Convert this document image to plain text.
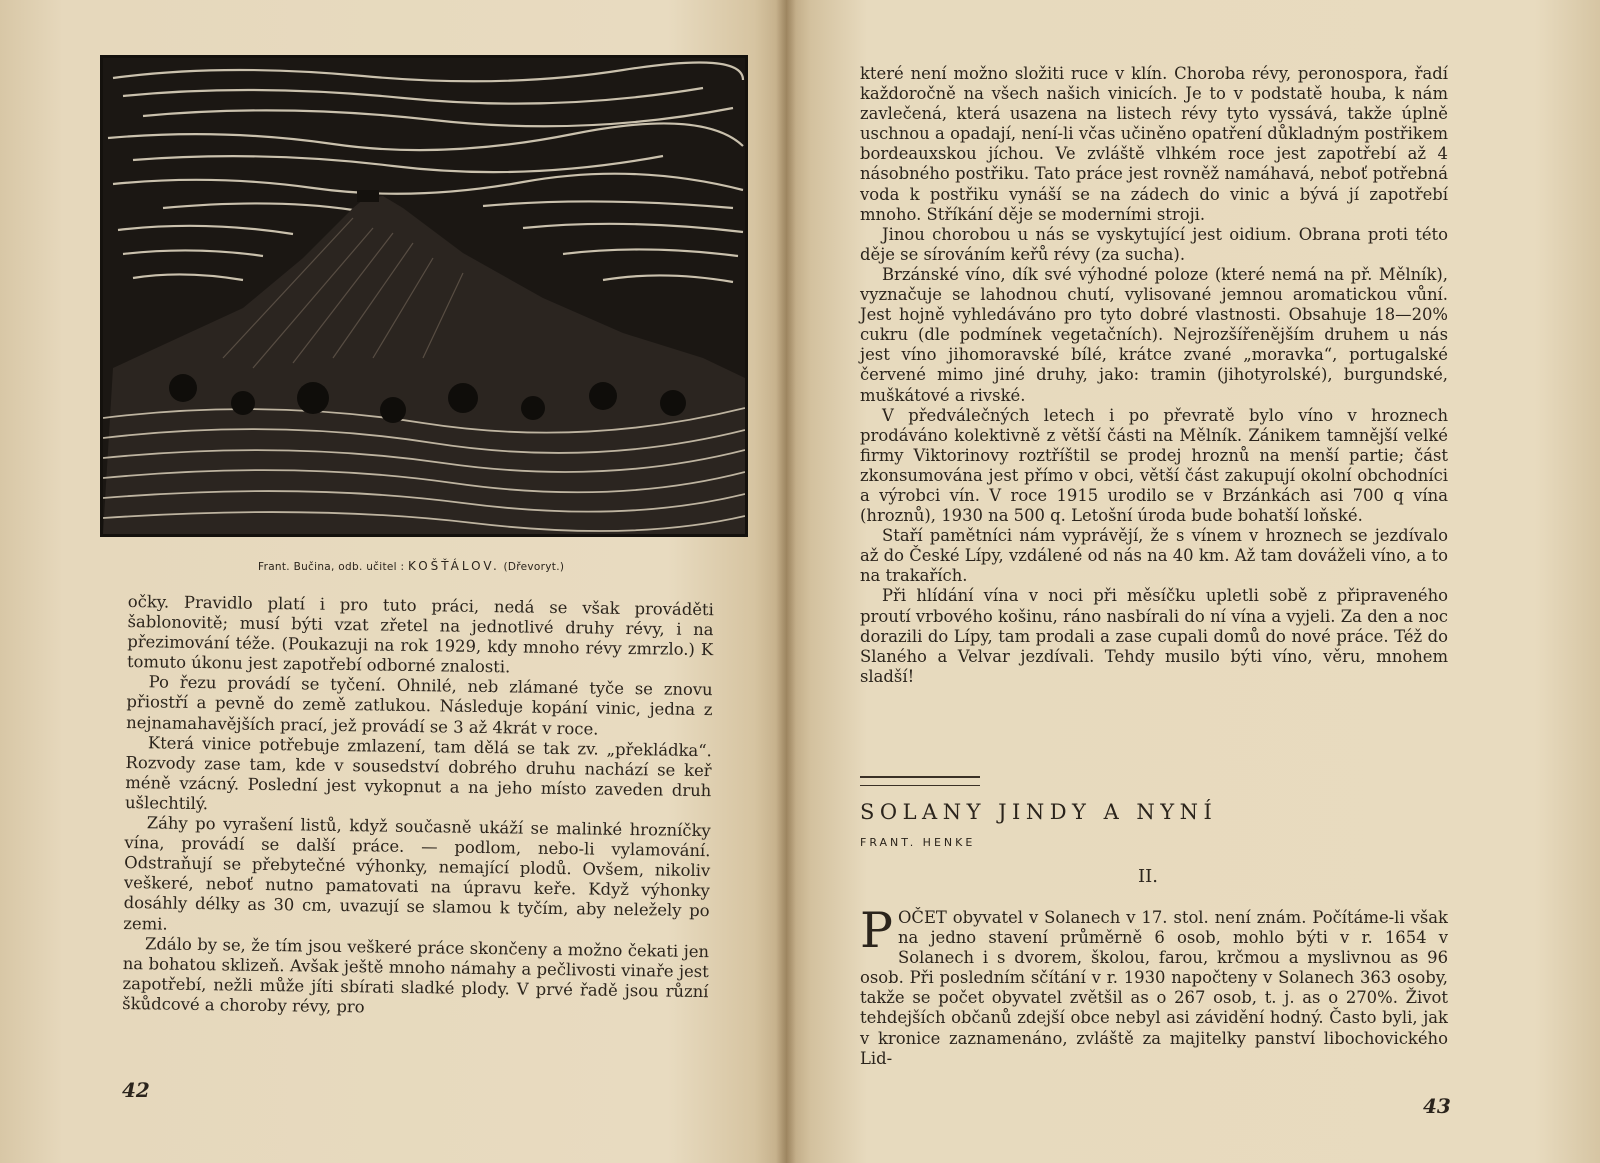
Frant. Bučina, odb. učitel : KOŠŤÁLOV. (Dřevoryt.)

očky. Pravidlo platí i pro tuto práci, nedá se však prováděti šablonovitě; musí býti vzat zřetel na jednotlivé druhy révy, i na přezimování téže. (Poukazuji na rok 1929, kdy mnoho révy zmrzlo.) K tomuto úkonu jest zapotřebí odborné znalosti.

Po řezu provádí se tyčení. Ohnilé, neb zlámané tyče se znovu přiostří a pevně do země zatlukou. Následuje kopání vinic, jedna z nejnamahavějších prací, jež provádí se 3 až 4krát v roce.

Která vinice potřebuje zmlazení, tam dělá se tak zv. „překládka“. Rozvody zase tam, kde v sousedství dobrého druhu nachází se keř méně vzácný. Poslední jest vykopnut a na jeho místo zaveden druh ušlechtilý.

Záhy po vyrašení listů, když současně ukáží se malinké hrozníčky vína, provádí se další práce. — podlom, nebo-li vylamování. Odstraňují se přebytečné výhonky, nemající plodů. Ovšem, nikoliv veškeré, neboť nutno pamatovati na úpravu keře. Když výhonky dosáhly délky as 30 cm, uvazují se slamou k tyčím, aby neležely po zemi.

Zdálo by se, že tím jsou veškeré práce skončeny a možno čekati jen na bohatou sklizeň. Avšak ještě mnoho námahy a pečlivosti vinaře jest zapotřebí, nežli může jíti sbírati sladké plody. V prvé řadě jsou různí škůdcové a choroby révy, pro

42

které není možno složiti ruce v klín. Choroba révy, peronospora, řadí každoročně na všech našich vinicích. Je to v podstatě houba, k nám zavlečená, která usazena na listech révy tyto vyssává, takže úplně uschnou a opadají, není-li včas učiněno opatření důkladným postřikem bordeauxskou jíchou. Ve zvláště vlhkém roce jest zapotřebí až 4 násobného postřiku. Tato práce jest rovněž namáhavá, neboť potřebná voda k postřiku vynáší se na zádech do vinic a bývá jí zapotřebí mnoho. Stříkání děje se moderními stroji.

Jinou chorobou u nás se vyskytující jest oidium. Obrana proti této děje se sírováním keřů révy (za sucha).

Brzánské víno, dík své výhodné poloze (které nemá na př. Mělník), vyznačuje se lahodnou chutí, vylisované jemnou aromatickou vůní. Jest hojně vyhledáváno pro tyto dobré vlastnosti. Obsahuje 18—20% cukru (dle podmínek vegetačních). Nejrozšířenějším druhem u nás jest víno jihomoravské bílé, krátce zvané „moravka“, portugalské červené mimo jiné druhy, jako: tramin (jihotyrolské), burgundské, muškátové a rivské.

V předválečných letech i po převratě bylo víno v hroznech prodáváno kolektivně z větší části na Mělník. Zánikem tamnější velké firmy Viktorinovy roztříštil se prodej hroznů na menší partie; část zkonsumována jest přímo v obci, větší část zakupují okolní obchodníci a výrobci vín. V roce 1915 urodilo se v Brzánkách asi 700 q vína (hroznů), 1930 na 500 q. Letošní úroda bude bohatší loňské.

Staří pamětníci nám vyprávějí, že s vínem v hroznech se jezdívalo až do České Lípy, vzdálené od nás na 40 km. Až tam dováželi víno, a to na trakařích.

Při hlídání vína v noci při měsíčku upletli sobě z připraveného proutí vrbového košinu, ráno nasbírali do ní vína a vyjeli. Za den a noc dorazili do Lípy, tam prodali a zase cupali domů do nové práce. Též do Slaného a Velvar jezdívali. Tehdy musilo býti víno, věru, mnohem sladší!

SOLANY JINDY A NYNÍ
FRANT. HENKE
II.

POČET obyvatel v Solanech v 17. stol. není znám. Počítáme-li však na jedno stavení průměrně 6 osob, mohlo býti v r. 1654 v Solanech i s dvorem, školou, farou, krčmou a myslivnou as 96 osob. Při posledním sčítání v r. 1930 napočteny v Solanech 363 osoby, takže se počet obyvatel zvětšil as o 267 osob, t. j. as o 270%. Život tehdejších občanů zdejší obce nebyl asi závidění hodný. Často byli, jak v kronice zaznamenáno, zvláště za majitelky panství libochovického Lid-

43
